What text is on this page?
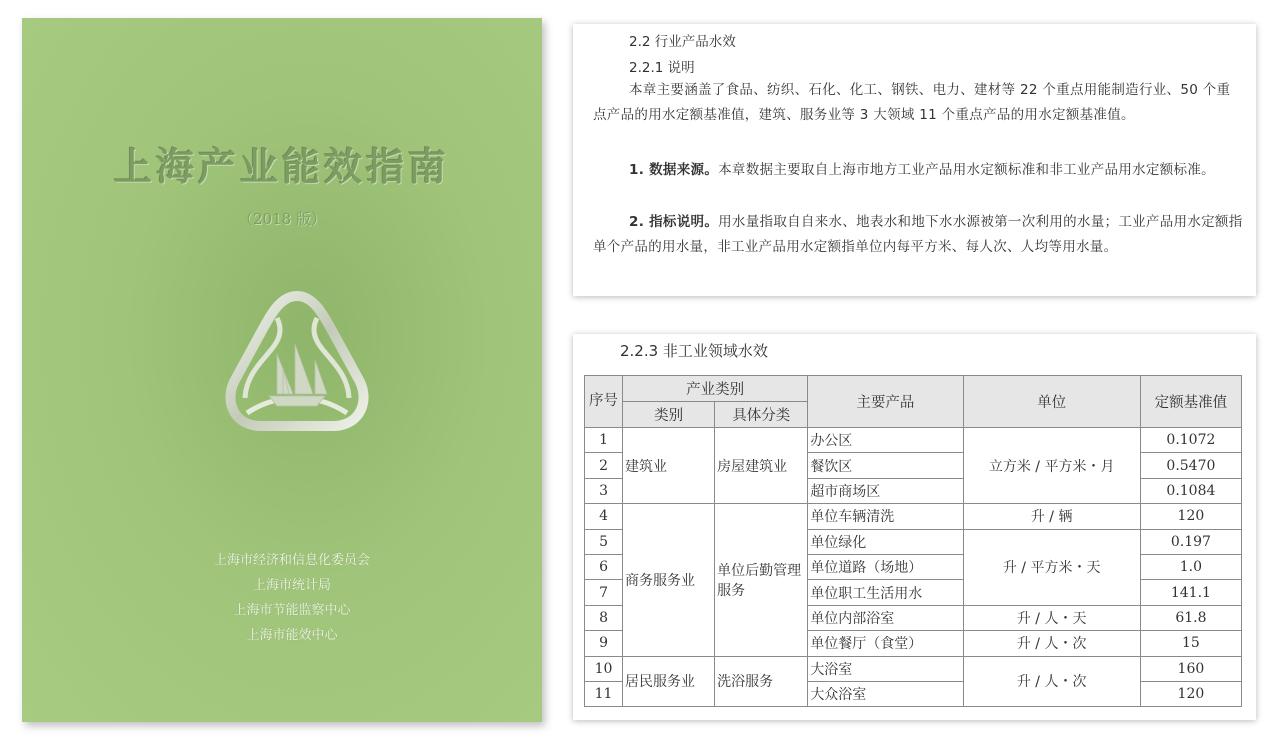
上海产业能效指南
（2018 版）
上海市经济和信息化委员会
上海市统计局
上海市节能监察中心
上海市能效中心
2.2 行业产品水效
2.2.1 说明
本章主要涵盖了食品、纺织、石化、化工、钢铁、电力、建材等 22 个重点用能制造行业、50 个重点产品的用水定额基准值，建筑、服务业等 3 大领域 11 个重点产品的用水定额基准值。
1. 数据来源。本章数据主要取自上海市地方工业产品用水定额标准和非工业产品用水定额标准。
2. 指标说明。用水量指取自自来水、地表水和地下水水源被第一次利用的水量；工业产品用水定额指单个产品的用水量，非工业产品用水定额指单位内每平方米、每人次、人均等用水量。
2.2.3 非工业领域水效
序号	产业类别		主要产品	单位	定额基准值
	类别	具体分类			
1	建筑业	房屋建筑业	办公区	立方米 / 平方米・月	0.1072
2			餐饮区		0.5470
3			超市商场区		0.1084
4	商务服务业	单位后勤管理服务	单位车辆清洗	升 / 辆	120
5			单位绿化	升 / 平方米・天	0.197
6			单位道路（场地）		1.0
7			单位职工生活用水		141.1
8			单位内部浴室	升 / 人・天	61.8
9			单位餐厅（食堂）	升 / 人・次	15
10	居民服务业	洗浴服务	大浴室	升 / 人・次	160
11			大众浴室		120
